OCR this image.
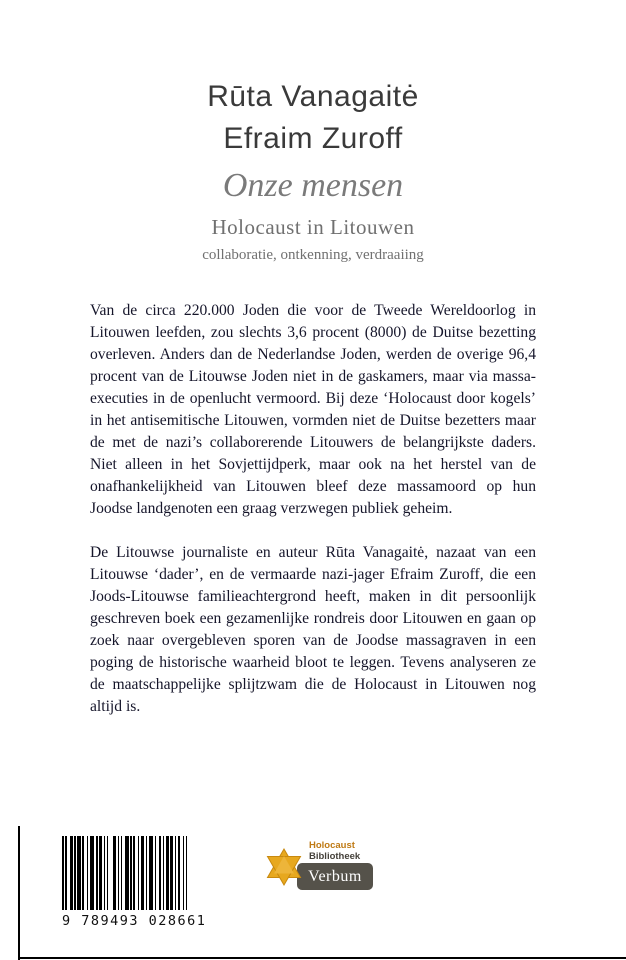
Rūta Vanagaitė
Efraim Zuroff
Onze mensen
Holocaust in Litouwen
collaboratie, ontkenning, verdraaiing

Van de circa 220.000 Joden die voor de Tweede Wereldoorlog in Litouwen leefden, zou slechts 3,6 procent (8000) de Duitse bezetting overleven. Anders dan de Nederlandse Joden, werden de overige 96,4 procent van de Litouwse Joden niet in de gaskamers, maar via massa-executies in de openlucht vermoord. Bij deze ‘Holocaust door kogels’ in het antisemitische Litouwen, vormden niet de Duitse bezetters maar de met de nazi’s collaborerende Litouwers de belangrijkste daders. Niet alleen in het Sovjettijdperk, maar ook na het herstel van de onafhankelijkheid van Litouwen bleef deze massamoord op hun Joodse landgenoten een graag verzwegen publiek geheim.

De Litouwse journaliste en auteur Rūta Vanagaitė, nazaat van een Litouwse ‘dader’, en de vermaarde nazi-jager Efraim Zuroff, die een Joods-Litouwse familieachtergrond heeft, maken in dit persoonlijk geschreven boek een gezamenlijke rondreis door Litouwen en gaan op zoek naar overgebleven sporen van de Joodse massagraven in een poging de historische waarheid bloot te leggen. Tevens analyseren ze de maatschappelijke splijtzwam die de Holocaust in Litouwen nog altijd is.

9 789493 028661
Holocaust
Bibliotheek
Verbum
